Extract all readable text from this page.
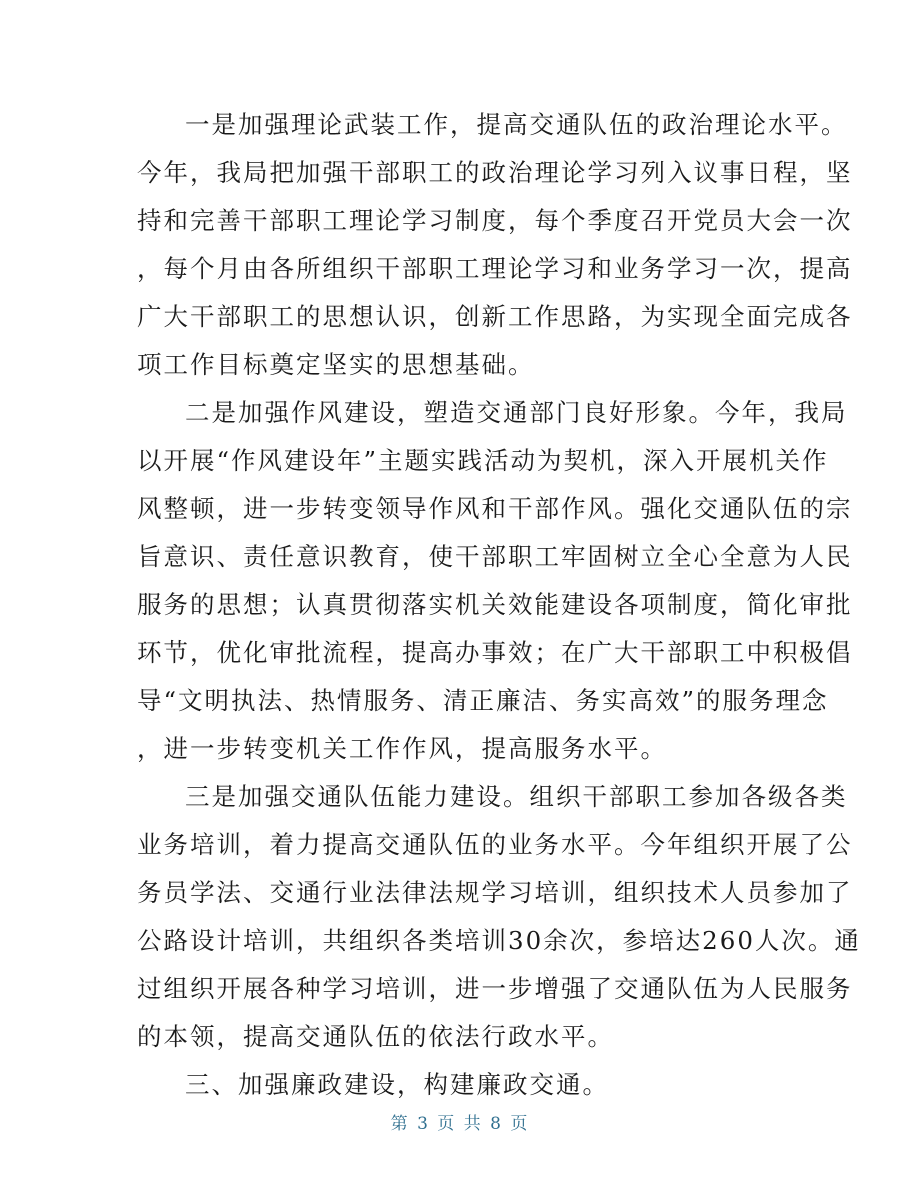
一是加强理论武装工作，提高交通队伍的政治理论水平。
今年，我局把加强干部职工的政治理论学习列入议事日程，坚
持和完善干部职工理论学习制度，每个季度召开党员大会一次
，每个月由各所组织干部职工理论学习和业务学习一次，提高
广大干部职工的思想认识，创新工作思路，为实现全面完成各
项工作目标奠定坚实的思想基础。
二是加强作风建设，塑造交通部门良好形象。今年，我局
以开展“作风建设年”主题实践活动为契机，深入开展机关作
风整顿，进一步转变领导作风和干部作风。强化交通队伍的宗
旨意识、责任意识教育，使干部职工牢固树立全心全意为人民
服务的思想；认真贯彻落实机关效能建设各项制度，简化审批
环节，优化审批流程，提高办事效；在广大干部职工中积极倡
导“文明执法、热情服务、清正廉洁、务实高效”的服务理念
，进一步转变机关工作作风，提高服务水平。
三是加强交通队伍能力建设。组织干部职工参加各级各类
业务培训，着力提高交通队伍的业务水平。今年组织开展了公
务员学法、交通行业法律法规学习培训，组织技术人员参加了
公路设计培训，共组织各类培训30余次，参培达260人次。通
过组织开展各种学习培训，进一步增强了交通队伍为人民服务
的本领，提高交通队伍的依法行政水平。
三、加强廉政建设，构建廉政交通。
第 3 页 共 8 页
